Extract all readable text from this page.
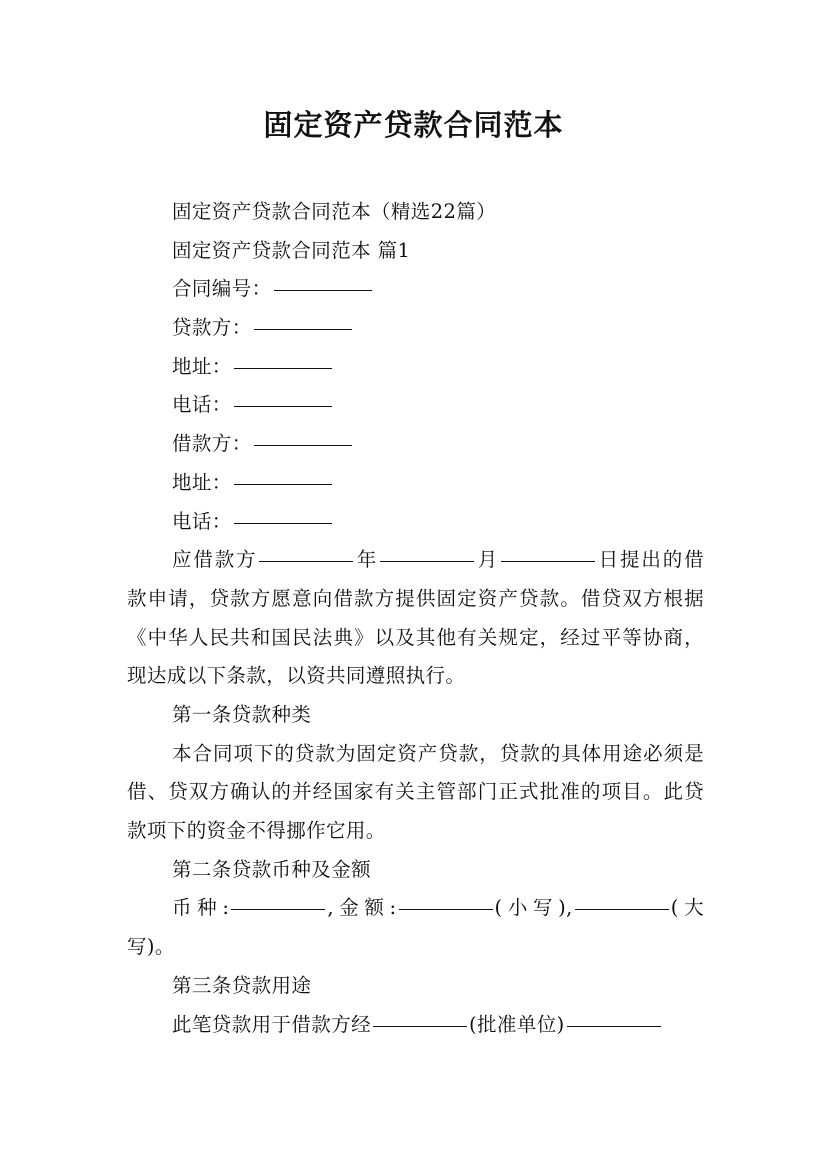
固定资产贷款合同范本
固定资产贷款合同范本（精选22篇）
固定资产贷款合同范本 篇1
合同编号：
贷款方：
地址：
电话：
借款方：
地址：
电话：
应借款方	年	月	日提出的借款申请，贷款方愿意向借款方提供固定资产贷款。借贷双方根据《中华人民共和国民法典》以及其他有关规定，经过平等协商，现达成以下条款，以资共同遵照执行。
第一条贷款种类
本合同项下的贷款为固定资产贷款，贷款的具体用途必须是借、贷双方确认的并经国家有关主管部门正式批准的项目。此贷款项下的资金不得挪作它用。
第二条贷款币种及金额
币种:	,金额:	(小写),	(大写)。
第三条贷款用途
此笔贷款用于借款方经	(批准单位)
